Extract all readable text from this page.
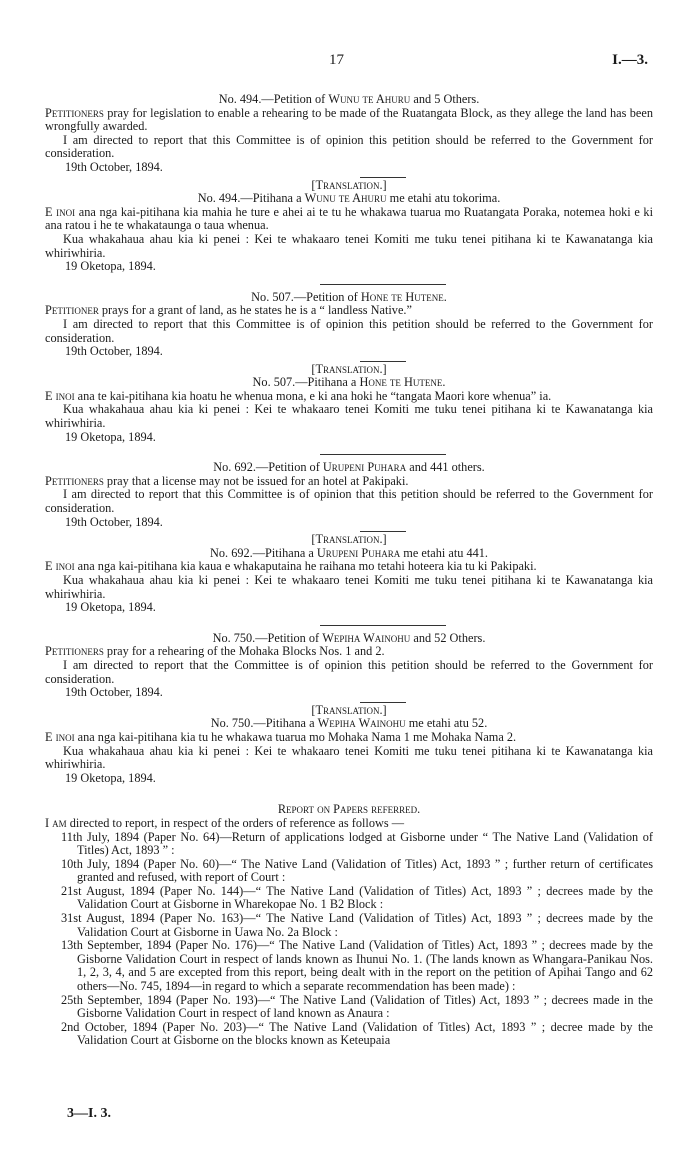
17	I.—3.

No. 494.—Petition of Wunu te Ahuru and 5 Others.

Petitioners pray for legislation to enable a rehearing to be made of the Ruatangata Block, as they allege the land has been wrongfully awarded.

I am directed to report that this Committee is of opinion this petition should be referred to the Government for consideration.

19th October, 1894.

[Translation.]

No. 494.—Pitihana a Wunu te Ahuru me etahi atu tokorima.

E inoi ana nga kai-pitihana kia mahia he ture e ahei ai te tu he whakawa tuarua mo Ruatangata Poraka, notemea hoki e ki ana ratou i he te whakataunga o taua whenua.

Kua whakahaua ahau kia ki penei : Kei te whakaaro tenei Komiti me tuku tenei pitihana ki te Kawanatanga kia whiriwhiria.

19 Oketopa, 1894.

No. 507.—Petition of Hone te Hutene.

Petitioner prays for a grant of land, as he states he is a “ landless Native.”

I am directed to report that this Committee is of opinion this petition should be referred to the Government for consideration.

19th October, 1894.

[Translation.]

No. 507.—Pitihana a Hone te Hutene.

E inoi ana te kai-pitihana kia hoatu he whenua mona, e ki ana hoki he “tangata Maori kore whenua” ia.

Kua whakahaua ahau kia ki penei : Kei te whakaaro tenei Komiti me tuku tenei pitihana ki te Kawanatanga kia whiriwhiria.

19 Oketopa, 1894.

No. 692.—Petition of Urupeni Puhara and 441 others.

Petitioners pray that a license may not be issued for an hotel at Pakipaki.

I am directed to report that this Committee is of opinion that this petition should be referred to the Government for consideration.

19th October, 1894.

[Translation.]

No. 692.—Pitihana a Urupeni Puhara me etahi atu 441.

E inoi ana nga kai-pitihana kia kaua e whakaputaina he raihana mo tetahi hoteera kia tu ki Pakipaki.

Kua whakahaua ahau kia ki penei : Kei te whakaaro tenei Komiti me tuku tenei pitihana ki te Kawanatanga kia whiriwhiria.

19 Oketopa, 1894.

No. 750.—Petition of Wepiha Wainohu and 52 Others.

Petitioners pray for a rehearing of the Mohaka Blocks Nos. 1 and 2.

I am directed to report that the Committee is of opinion this petition should be referred to the Government for consideration.

19th October, 1894.

[Translation.]

No. 750.—Pitihana a Wepiha Wainohu me etahi atu 52.

E inoi ana nga kai-pitihana kia tu he whakawa tuarua mo Mohaka Nama 1 me Mohaka Nama 2.

Kua whakahaua ahau kia ki penei : Kei te whakaaro tenei Komiti me tuku tenei pitihana ki te Kawanatanga kia whiriwhiria.

19 Oketopa, 1894.

Report on Papers referred.

I am directed to report, in respect of the orders of reference as follows —

11th July, 1894 (Paper No. 64)—Return of applications lodged at Gisborne under “ The Native Land (Validation of Titles) Act, 1893 ” :

10th July, 1894 (Paper No. 60)—“ The Native Land (Validation of Titles) Act, 1893 ” ; further return of certificates granted and refused, with report of Court :

21st August, 1894 (Paper No. 144)—“ The Native Land (Validation of Titles) Act, 1893 ” ; decrees made by the Validation Court at Gisborne in Wharekopae No. 1 B2 Block :

31st August, 1894 (Paper No. 163)—“ The Native Land (Validation of Titles) Act, 1893 ” ; decrees made by the Validation Court at Gisborne in Uawa No. 2a Block :

13th September, 1894 (Paper No. 176)—“ The Native Land (Validation of Titles) Act, 1893 ” ; decrees made by the Gisborne Validation Court in respect of lands known as Ihunui No. 1. (The lands known as Whangara-Panikau Nos. 1, 2, 3, 4, and 5 are excepted from this report, being dealt with in the report on the petition of Apihai Tango and 62 others—No. 745, 1894—in regard to which a separate recommendation has been made) :

25th September, 1894 (Paper No. 193)—“ The Native Land (Validation of Titles) Act, 1893 ” ; decrees made in the Gisborne Validation Court in respect of land known as Anaura :

2nd October, 1894 (Paper No. 203)—“ The Native Land (Validation of Titles) Act, 1893 ” ; decree made by the Validation Court at Gisborne on the blocks known as Keteupaia

3—I. 3.
